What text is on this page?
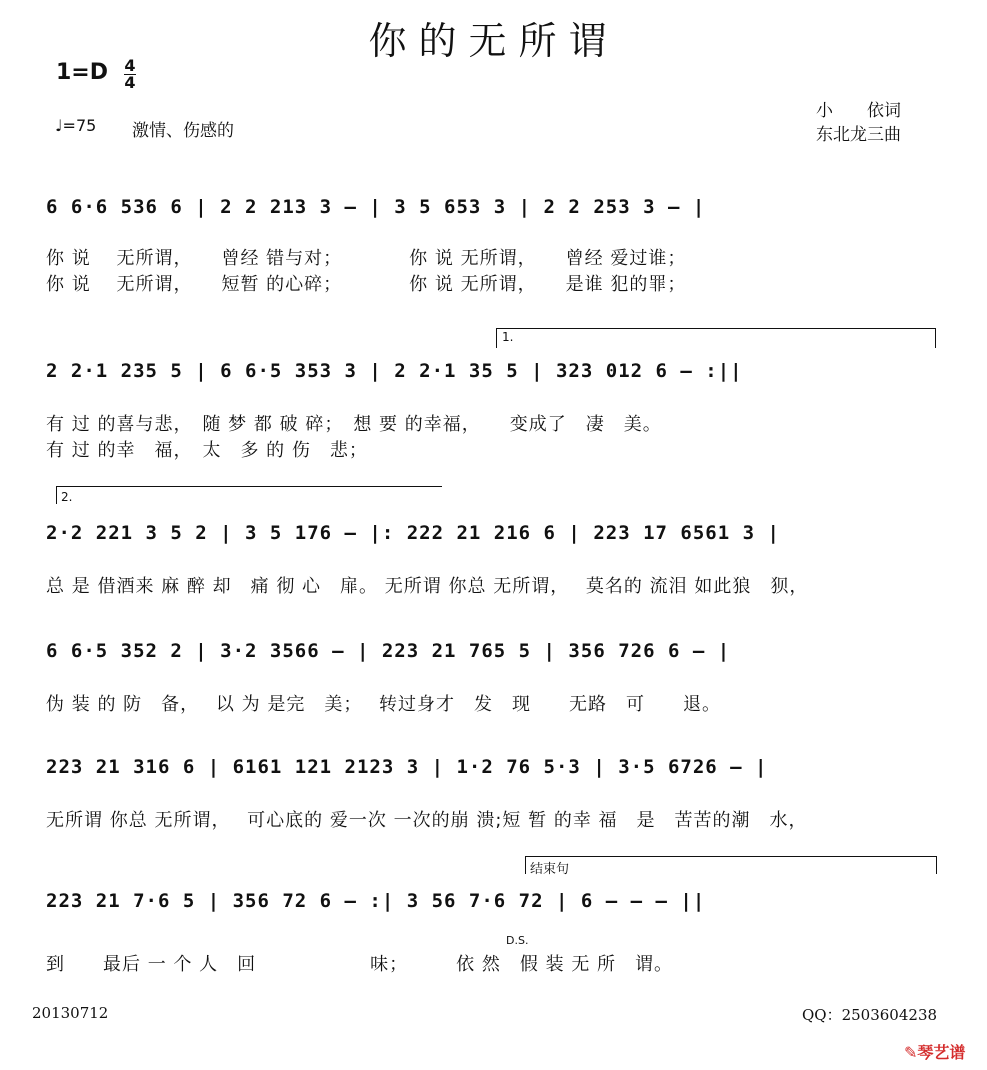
你的无所谓
1=D 4
4
♩=75 激情、伤感的
小　　依词
东北龙三曲
6 6·6 536 6 | 2 2 213 3 – | 3 5 653 3 | 2 2 253 3 – |
你 说　 无所谓，　　曾经 错与对；　　　　你 说 无所谓，　　曾经 爱过谁；
你 说　 无所谓，　　短暂 的心碎；　　　　你 说 无所谓，　　是谁 犯的罪；
1.
2 2·1 235 5 | 6 6·5 353 3 | 2 2·1 35 5 | 323 012 6 – :||
有 过 的喜与悲，　随 梦 都 破 碎；　想 要 的幸福，　　变成了　凄　美。
有 过 的幸　福，　太　多 的 伤　悲；
2.
2·2 221 3 5 2 | 3 5 176 – |: 222 21 216 6 | 223 17 6561 3 |
总 是 借酒来 麻 醉 却　痛 彻 心　扉。 无所谓 你总 无所谓，　 莫名的 流泪 如此狼　狈，
6 6·5 352 2 | 3·2 3566 – | 223 21 765 5 | 356 726 6 – |
伪 装 的 防　备，　 以 为 是完　美；　 转过身才　发　现　　无路　可　　退。
223 21 316 6 | 6161 121 2123 3 | 1·2 76 5·3 | 3·5 6726 – |
无所谓 你总 无所谓，　 可心底的 爱一次 一次的崩 溃;短 暂 的幸 福　是　苦苦的潮　水，
结束句
223 21 7·6 5 | 356 72 6 – :| 3 56 7·6 72 | 6 – – – ||
D.S.
到　　最后 一 个 人　回　　　　　　味；　　　依 然　假 装 无 所　谓。
20130712	QQ：2503604238
✎琴艺谱
